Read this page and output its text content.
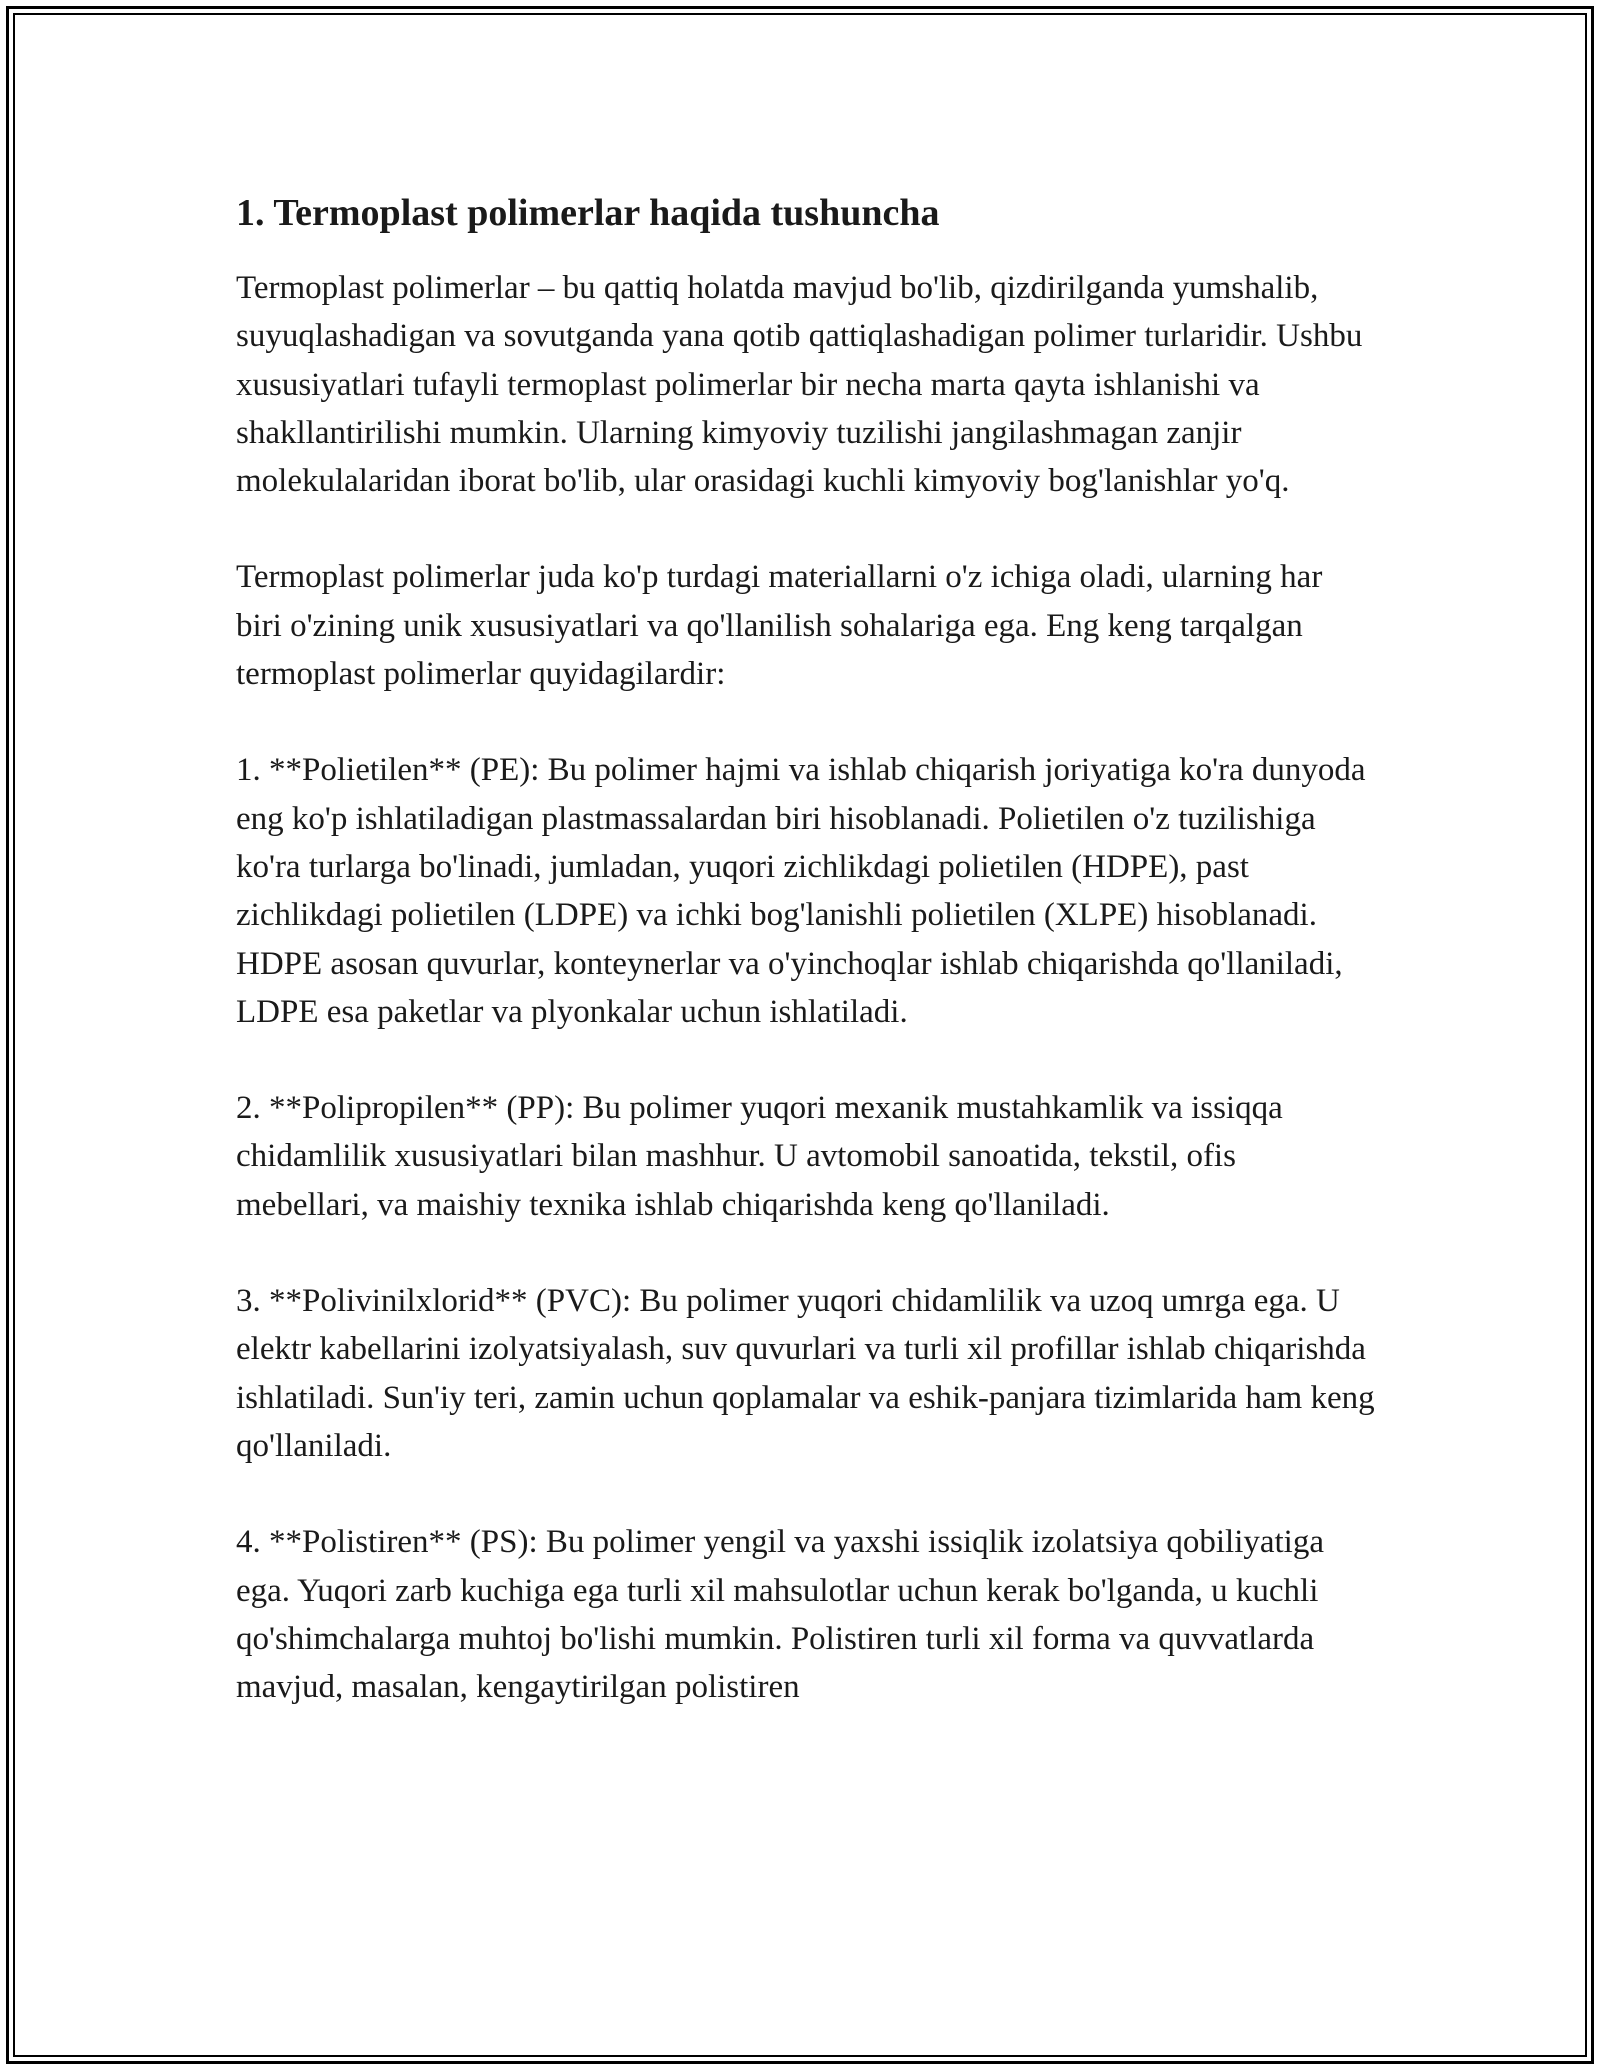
1. Termoplast polimerlar haqida tushuncha

Termoplast polimerlar – bu qattiq holatda mavjud bo'lib, qizdirilganda yumshalib, suyuqlashadigan va sovutganda yana qotib qattiqlashadigan polimer turlaridir. Ushbu xususiyatlari tufayli termoplast polimerlar bir necha marta qayta ishlanishi va shakllantirilishi mumkin. Ularning kimyoviy tuzilishi jangilashmagan zanjir molekulalaridan iborat bo'lib, ular orasidagi kuchli kimyoviy bog'lanishlar yo'q.

Termoplast polimerlar juda ko'p turdagi materiallarni o'z ichiga oladi, ularning har biri o'zining unik xususiyatlari va qo'llanilish sohalariga ega. Eng keng tarqalgan termoplast polimerlar quyidagilardir:

1. **Polietilen** (PE): Bu polimer hajmi va ishlab chiqarish joriyatiga ko'ra dunyoda eng ko'p ishlatiladigan plastmassalardan biri hisoblanadi. Polietilen o'z tuzilishiga ko'ra turlarga bo'linadi, jumladan, yuqori zichlikdagi polietilen (HDPE), past zichlikdagi polietilen (LDPE) va ichki bog'lanishli polietilen (XLPE) hisoblanadi. HDPE asosan quvurlar, konteynerlar va o'yinchoqlar ishlab chiqarishda qo'llaniladi, LDPE esa paketlar va plyonkalar uchun ishlatiladi.

2. **Polipropilen** (PP): Bu polimer yuqori mexanik mustahkamlik va issiqqa chidamlilik xususiyatlari bilan mashhur. U avtomobil sanoatida, tekstil, ofis mebellari, va maishiy texnika ishlab chiqarishda keng qo'llaniladi.

3. **Polivinilxlorid** (PVC): Bu polimer yuqori chidamlilik va uzoq umrga ega. U elektr kabellarini izolyatsiyalash, suv quvurlari va turli xil profillar ishlab chiqarishda ishlatiladi. Sun'iy teri, zamin uchun qoplamalar va eshik-panjara tizimlarida ham keng qo'llaniladi.

4. **Polistiren** (PS): Bu polimer yengil va yaxshi issiqlik izolatsiya qobiliyatiga ega. Yuqori zarb kuchiga ega turli xil mahsulotlar uchun kerak bo'lganda, u kuchli qo'shimchalarga muhtoj bo'lishi mumkin. Polistiren turli xil forma va quvvatlarda mavjud, masalan, kengaytirilgan polistiren
